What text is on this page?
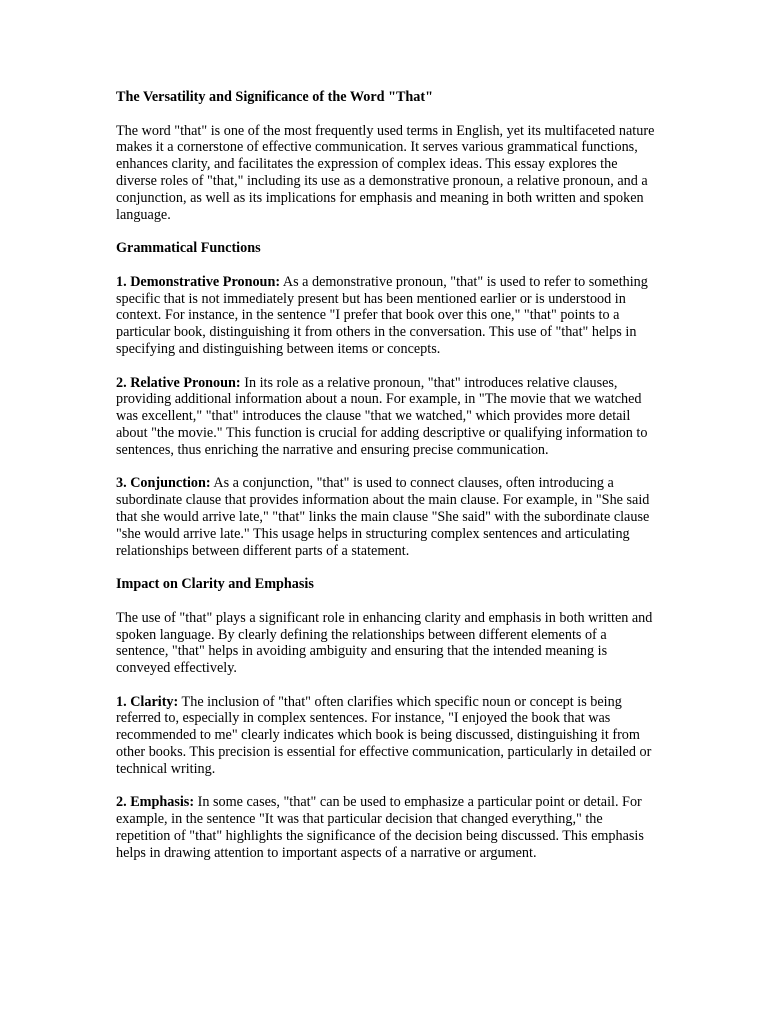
The Versatility and Significance of the Word "That"

The word "that" is one of the most frequently used terms in English, yet its multifaceted nature makes it a cornerstone of effective communication. It serves various grammatical functions, enhances clarity, and facilitates the expression of complex ideas. This essay explores the diverse roles of "that," including its use as a demonstrative pronoun, a relative pronoun, and a conjunction, as well as its implications for emphasis and meaning in both written and spoken language.

Grammatical Functions

1. Demonstrative Pronoun: As a demonstrative pronoun, "that" is used to refer to something specific that is not immediately present but has been mentioned earlier or is understood in context. For instance, in the sentence "I prefer that book over this one," "that" points to a particular book, distinguishing it from others in the conversation. This use of "that" helps in specifying and distinguishing between items or concepts.

2. Relative Pronoun: In its role as a relative pronoun, "that" introduces relative clauses, providing additional information about a noun. For example, in "The movie that we watched was excellent," "that" introduces the clause "that we watched," which provides more detail about "the movie." This function is crucial for adding descriptive or qualifying information to sentences, thus enriching the narrative and ensuring precise communication.

3. Conjunction: As a conjunction, "that" is used to connect clauses, often introducing a subordinate clause that provides information about the main clause. For example, in "She said that she would arrive late," "that" links the main clause "She said" with the subordinate clause "she would arrive late." This usage helps in structuring complex sentences and articulating relationships between different parts of a statement.

Impact on Clarity and Emphasis

The use of "that" plays a significant role in enhancing clarity and emphasis in both written and spoken language. By clearly defining the relationships between different elements of a sentence, "that" helps in avoiding ambiguity and ensuring that the intended meaning is conveyed effectively.

1. Clarity: The inclusion of "that" often clarifies which specific noun or concept is being referred to, especially in complex sentences. For instance, "I enjoyed the book that was recommended to me" clearly indicates which book is being discussed, distinguishing it from other books. This precision is essential for effective communication, particularly in detailed or technical writing.

2. Emphasis: In some cases, "that" can be used to emphasize a particular point or detail. For example, in the sentence "It was that particular decision that changed everything," the repetition of "that" highlights the significance of the decision being discussed. This emphasis helps in drawing attention to important aspects of a narrative or argument.
